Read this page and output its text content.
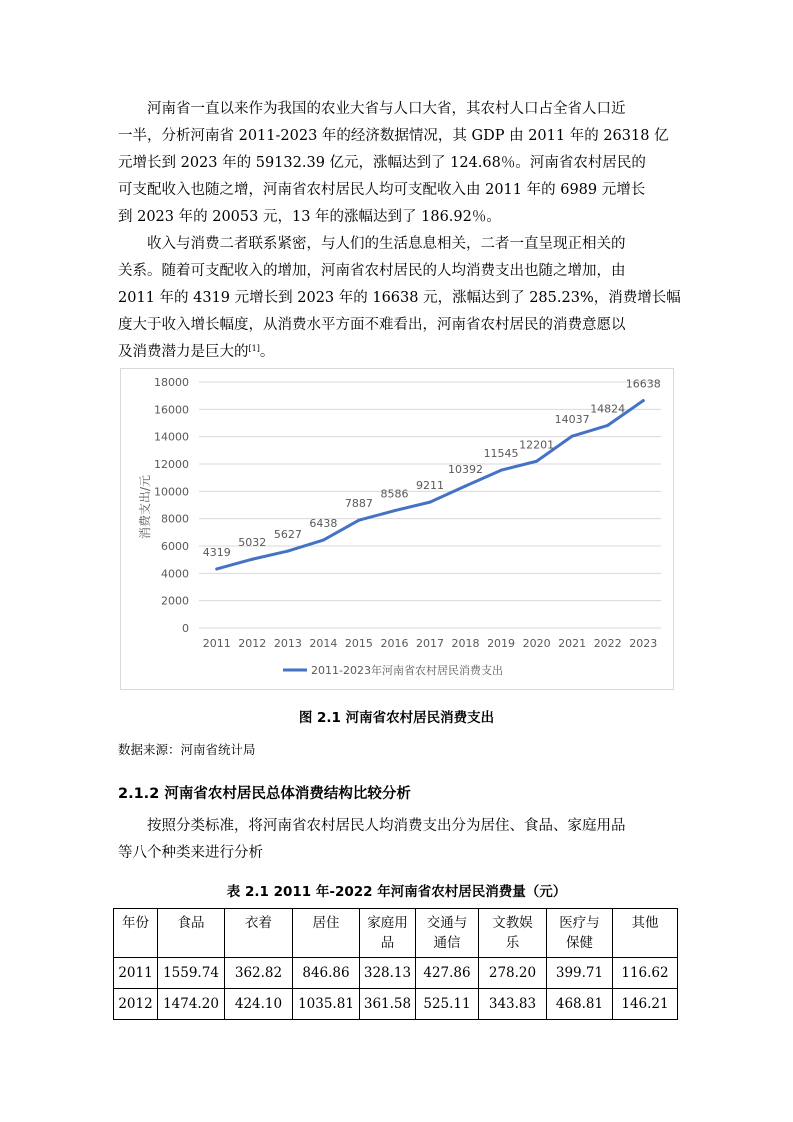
河南省一直以来作为我国的农业大省与人口大省，其农村人口占全省人口近
一半，分析河南省 2011-2023 年的经济数据情况，其 GDP 由 2011 年的 26318 亿
元增长到 2023 年的 59132.39 亿元，涨幅达到了 124.68％。河南省农村居民的
可支配收入也随之增，河南省农村居民人均可支配收入由 2011 年的 6989 元增长
到 2023 年的 20053 元，13 年的涨幅达到了 186.92％。
收入与消费二者联系紧密，与人们的生活息息相关，二者一直呈现正相关的
关系。随着可支配收入的增加，河南省农村居民的人均消费支出也随之增加，由
2011 年的 4319 元增长到 2023 年的 16638 元，涨幅达到了 285.23%，消费增长幅
度大于收入增长幅度，从消费水平方面不难看出，河南省农村居民的消费意愿以
及消费潜力是巨大的[1]。
0
2000
4000
6000
8000
10000
12000
14000
16000
18000
2011 2012 2013 2014 2015 2016 2017 2018 2019 2020 2021 2022 2023
4319
5032
5627
6438
7887
8586
9211
10392
11545
12201
14037
14824
16638
消费支出/元
2011-2023年河南省农村居民消费支出
图 2.1 河南省农村居民消费支出
数据来源：河南省统计局
2.1.2 河南省农村居民总体消费结构比较分析
按照分类标准，将河南省农村居民人均消费支出分为居住、食品、家庭用品
等八个种类来进行分析
表 2.1 2011 年-2022 年河南省农村居民消费量（元）
年份	食品	衣着	居住	家庭用
品	交通与
通信	文教娱
乐	医疗与
保健	其他
2011	1559.74	362.82	846.86	328.13	427.86	278.20	399.71	116.62
2012	1474.20	424.10	1035.81	361.58	525.11	343.83	468.81	146.21
